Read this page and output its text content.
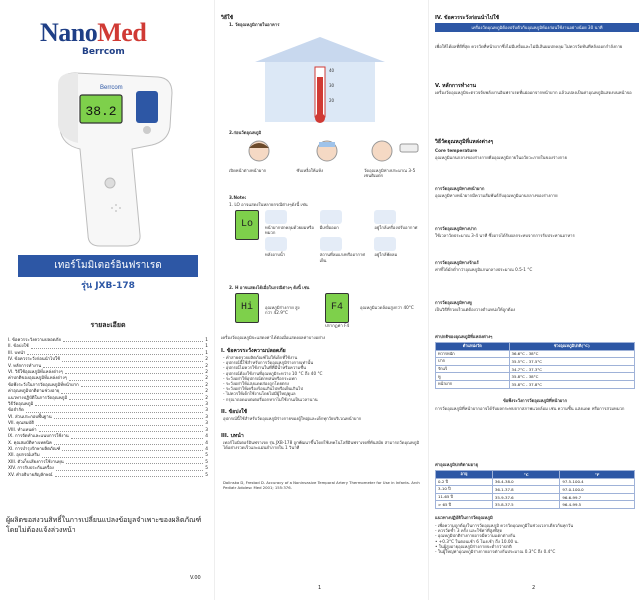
NanoMed
Berrcom
38.2
Berrcom
เทอร์โมมิเตอร์อินฟราเรด
รุ่น JXB-178
รายละเอียด
I. ข้อควรระวังความปลอดภัย	1
II. ข้อบ่งใช้	1
III. บทนำ	1
IV. ข้อควรระวังก่อนนำไปใช้	2
V. หลักการทำงาน	2
VI. วิธีใช้อุณหภูมิที่แหล่งต่างๆ	2
ค่าปกติของอุณหภูมิที่แหล่งต่างๆ	2
ข้อพึงระวังในการวัดอุณหภูมิที่หน้าผาก	2
ค่าอุณหภูมิปกติตามช่วงอายุ	2
แนวทางปฏิบัติในการวัดอุณหภูมิ	2
วิธีวัดอุณหภูมิ	3
ข้อจำกัด	3
VI. ส่วนประกอบพื้นฐาน	3
VII. คุณสมบัติ	3
VIII. ทำแทนค่า	3
IX. การจัดทำและแนบการใช้งาน	4
X. คุณสมบัติทางเทคนิค	4
XI. การบำรุงรักษาผลิตภัณฑ์	4
XII. อุปกรณ์เสริม	5
XIII. ตัวเก็บเสียงการใช้งานทุน	5
XIV. การรับประกันเครื่อง	5
XV. คำอธิบายสัญลักษณ์	5
ผู้ผลิตขอสงวนสิทธิ์ในการเปลี่ยนแปลงข้อมูลจำเพาะของผลิตภัณฑ์โดยไม่ต้องแจ้งล่วงหน้า
V.00
วิธีใช้
1. วัดอุณหภูมิภายในอาคาร
40
30
20
2.ก่อนวัดอุณหภูมิ
เปิดหน้าต่างหน้าผาก	ซับเหงื่อให้แห้ง	วัดอุณหภูมิห่างประมาณ 3-5 เซนติเมตร
3.Note:
1. LO อาจแสดงในหลายกรณีต่างๆดังนี้ เช่น
Lo	หน้าผากปกคลุมด้วยผมหรือหมวก
มีเหงื่อออก	อยู่ใกล้เครื่องปรับอากาศ
หลังอาบน้ำ	สถานที่ลมแรงหรืออากาศเย็น
อยู่ใกล้พัดลม
2. H อาจแสดงได้เมื่อในกรณีต่างๆ ดังนี้ เช่น
Hi	อุณหภูมิร่างกาย สูงกว่า 42.9°C	F4
ปรากฏค่า F4
อุณหภูมิแวดล้อมสูงกว่า 40°C
เครื่องวัดอุณหภูมิจะแสดงค่าได้ต่อเมื่อแสดงผลค่าบางอย่าง
I. ข้อควรระวังความปลอดภัย
- คำสายตรวจผลิตภัณฑ์ไม่ให้เด็กที่ใช้งาน
- อุปกรณ์นี้ใช้สำหรับการวัดอุณหภูมิร่างกายเท่านั้น
- อุปกรณ์ไม่ควรใช้งานในที่ที่มีน้ำหรือความชื้น
- อุปกรณ์ต้องใช้งานที่อุณหภูมิระหว่าง 10 °C ถึง 40 °C
- ระวังอย่าให้อุปกรณ์ตกหล่นหรือกระแทก
- ระวังอย่าให้แสงแดดส่องถูกโดยตรง
- ระวังอย่าให้เครื่องร้อนเกินไปหรือเย็นเกินไป
- ไม่ควรให้เด็กใช้งานโดยไม่มีผู้ใหญ่ดูแล
- กรุณาถอดแบตเตอรี่ออกหากไม่ใช้งานเป็นเวลานาน
II. ข้อบ่งใช้
อุปกรณ์นี้ใช้สำหรับวัดอุณหภูมิร่างกายของผู้ใหญ่และเด็กทุกวัยบริเวณหน้าผาก
III. บทนำ
เทอร์โมมิเตอร์อินฟราเรด รุ่น JXB-178 ถูกพัฒนาขึ้นโดยใช้เทคโนโลยีอินฟราเรดที่ทันสมัย สามารถวัดอุณหภูมิได้อย่างรวดเร็วและแม่นยำภายใน 1 วินาที
Dolinska D, Frestad D. Accuracy of a Noninvasive Temporal Artery Thermometer for Use in Infants. Arch Pediatr Adolesc Med 2001; 155:376.
1
IV. ข้อควรระวังก่อนนำไปใช้
เครื่องวัดอุณหภูมิต้องปรับตัวกับอุณหภูมิห้องก่อนใช้งานอย่างน้อย 30 นาที
เพื่อให้ได้ผลที่ดีที่สุด ควรวัดที่หน้าผากซึ่งไม่มีเหงื่อและไม่มีเส้นผมปกคลุม ไม่ควรวัดทันทีหลังออกกำลังกาย
V. หลักการทำงาน
เครื่องวัดอุณหภูมิจะตรวจจับพลังงานอินฟราเรดที่แผ่ออกจากหน้าผาก แล้วแปลงเป็นค่าอุณหภูมิแสดงบนหน้าจอ
วิธีวัดอุณหภูมิที่แหล่งต่างๆ
Core temperature
อุณหภูมิแกนกลางของร่างกายคืออุณหภูมิภายในอวัยวะภายในของร่างกาย
การวัดอุณหภูมิทางหน้าผาก
อุณหภูมิทางหน้าผากมีความสัมพันธ์กับอุณหภูมิแกนกลางของร่างกาย
การวัดอุณหภูมิทางปาก
ใช้เวลาวัดประมาณ 3-4 นาที ซึ่งอาจได้รับผลกระทบจากการรับประทานอาหาร
การวัดอุณหภูมิทางรักแร้
ค่าที่ได้มักต่ำกว่าอุณหภูมิแกนกลางประมาณ 0.5-1 °C
การวัดอุณหภูมิทางหู
เป็นวิธีที่รวดเร็วแต่ต้องวางตำแหน่งให้ถูกต้อง
ค่าปกติของอุณหภูมิที่แหล่งต่างๆ
ตำแหน่งวัด	ช่วงอุณหภูมิปกติ(°C)
ทวารหนัก	36.6°C - 38°C
ปาก	35.5°C - 37.5°C
รักแร้	34.7°C - 37.3°C
หู	35.8°C - 38°C
หน้าผาก	35.8°C - 37.8°C
ข้อพึงระวังการวัดอุณหภูมิที่หน้าผาก
การวัดอุณหภูมิที่หน้าผากอาจได้รับผลกระทบจากสภาพแวดล้อม เช่น ความชื้น แสงแดด หรือการสวมหมวก
ค่าอุณหภูมิปกติตามอายุ
อายุ	°C	°F
0-2 ปี	36.4-38.0	97.5-100.4
3-10 ปี	36.1-37.8	97.0-100.0
11-65 ปี	35.9-37.6	96.6-99.7
> 65 ปี	35.8-37.5	96.4-99.5
แนวทางปฏิบัติในการวัดอุณหภูมิ
- เพื่อความถูกต้องในการวัดอุณหภูมิ ควรวัดอุณหภูมิในช่วงเวลาเดียวกันทุกวัน
- ควรวัดซ้ำ 3 ครั้ง และใช้ค่าที่สูงที่สุด
- อุณหภูมิปกติร่างกายอาจมีความแตกต่างกัน
• +0.3°C ในตอนเช้า 6 โมงเช้า ถึง 10.00 น.
• ในผู้สูงอายุอุณหภูมิร่างกายจะต่ำกว่าปกติ
- ในผู้ใหญ่ค่าอุณหภูมิร่างกายอาจต่างกันประมาณ 0.3°C ถึง 0.4°C
2
